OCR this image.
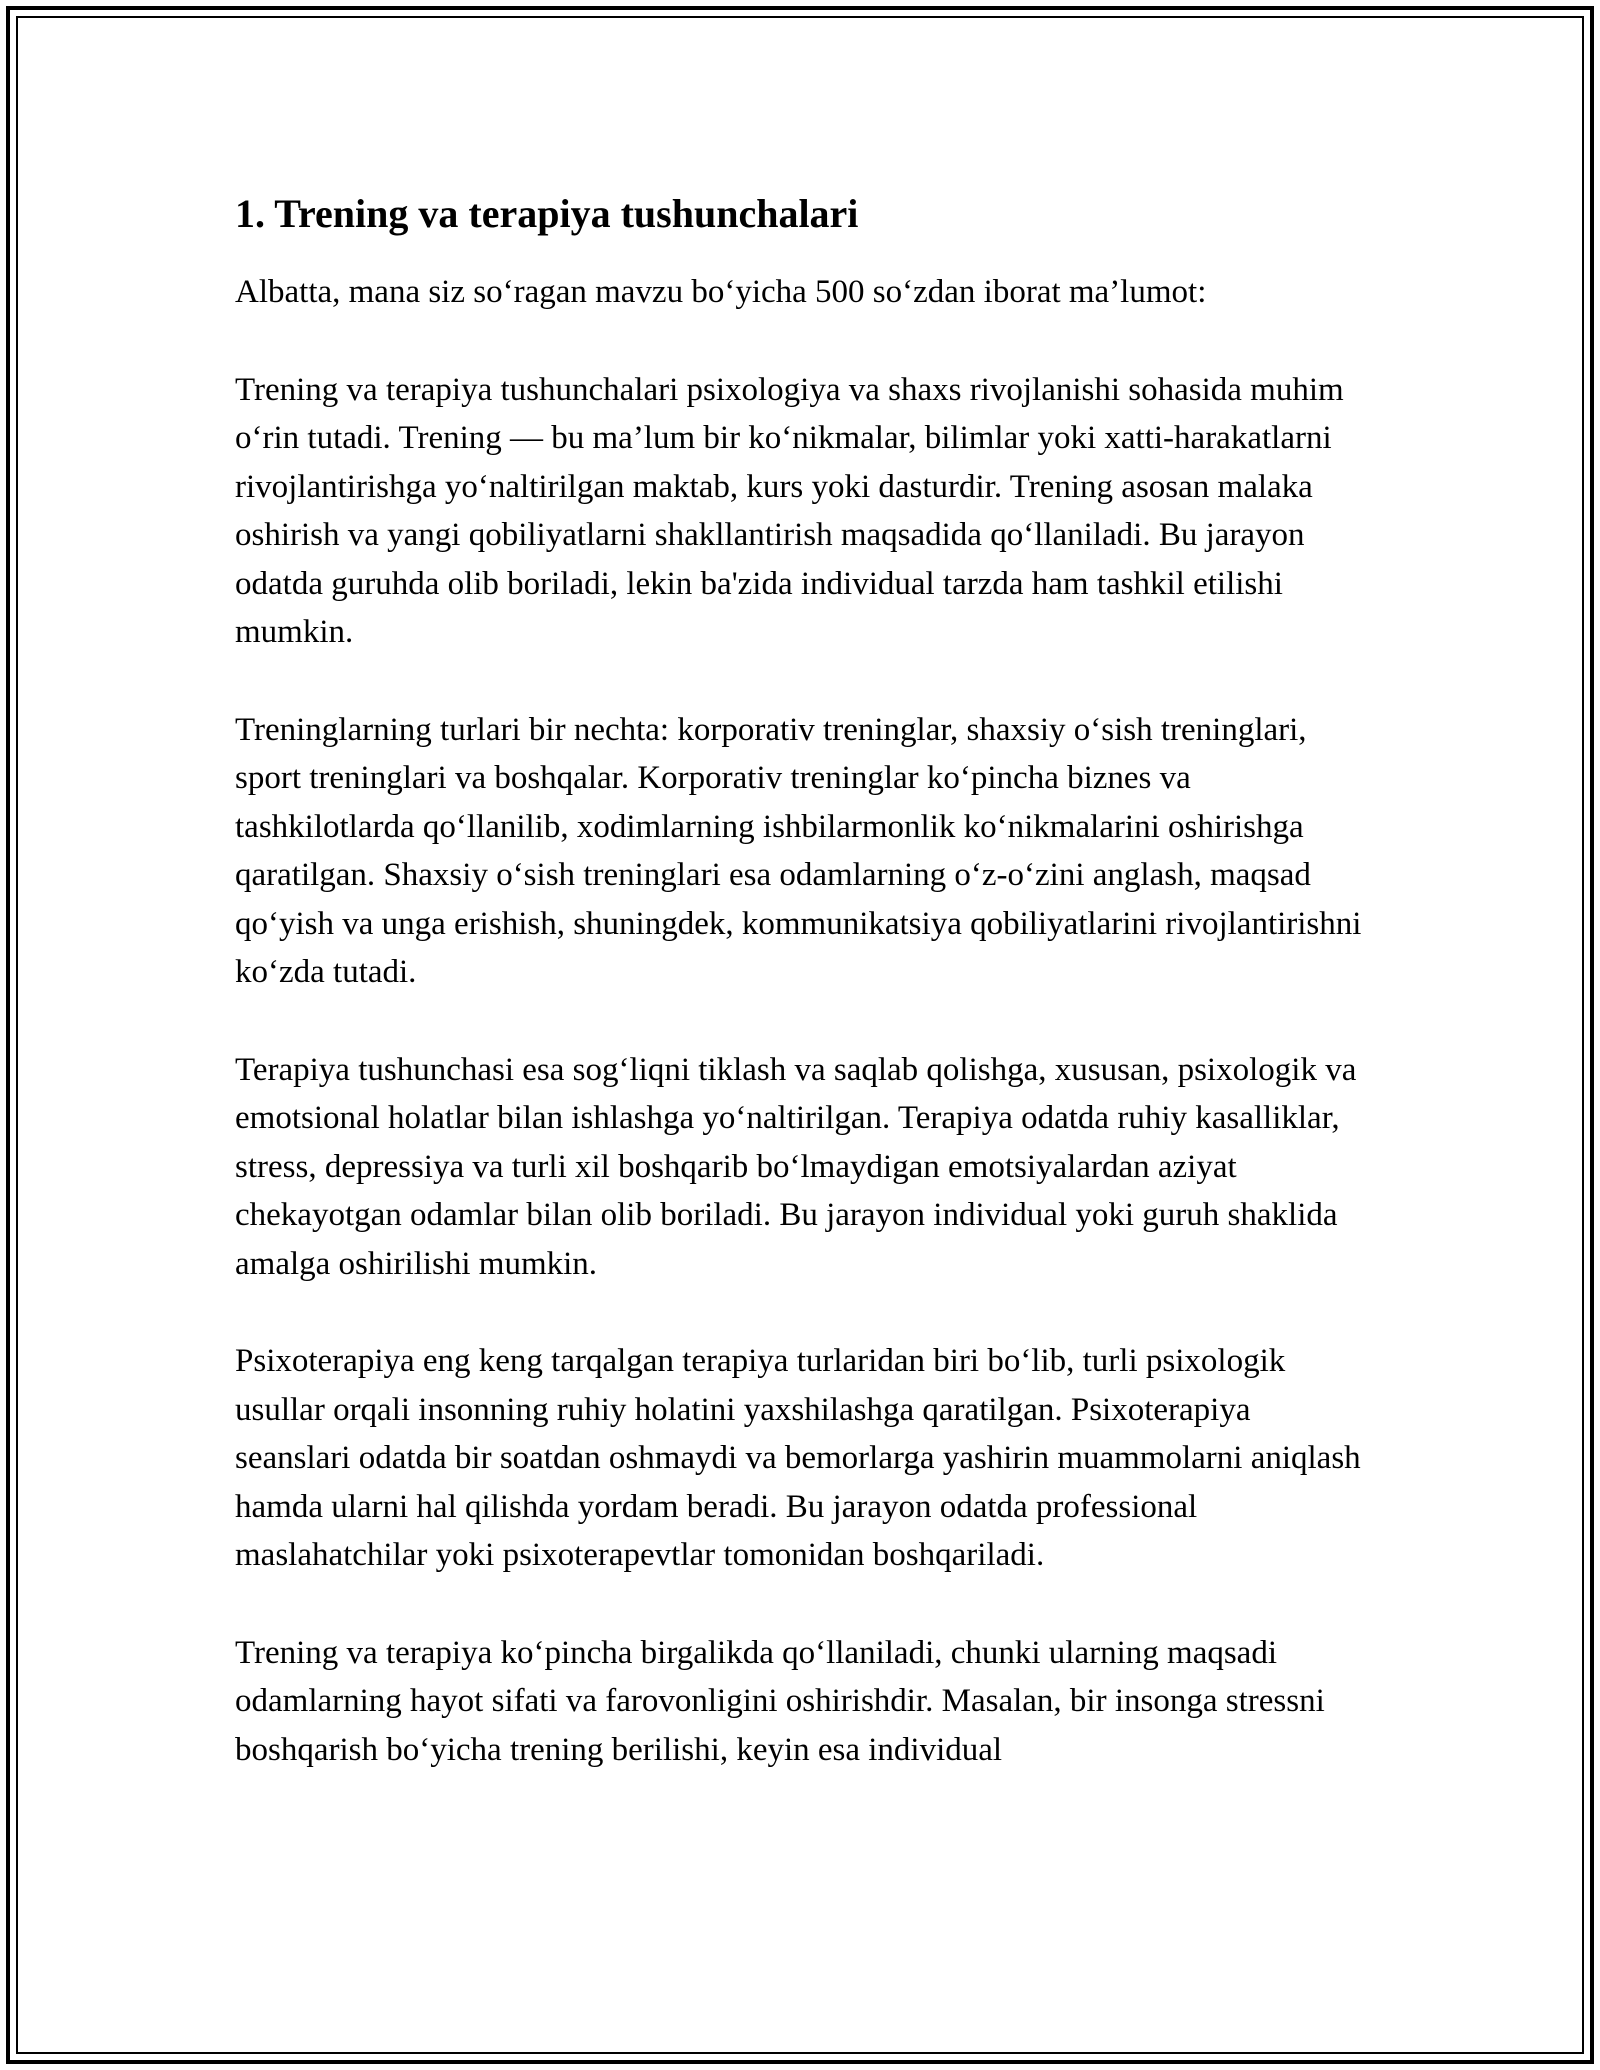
1. Trening va terapiya tushunchalari

Albatta, mana siz so‘ragan mavzu bo‘yicha 500 so‘zdan iborat ma’lumot:

Trening va terapiya tushunchalari psixologiya va shaxs rivojlanishi sohasida muhim o‘rin tutadi. Trening — bu ma’lum bir ko‘nikmalar, bilimlar yoki xatti-harakatlarni rivojlantirishga yo‘naltirilgan maktab, kurs yoki dasturdir. Trening asosan malaka oshirish va yangi qobiliyatlarni shakllantirish maqsadida qo‘llaniladi. Bu jarayon odatda guruhda olib boriladi, lekin ba'zida individual tarzda ham tashkil etilishi mumkin.

Treninglarning turlari bir nechta: korporativ treninglar, shaxsiy o‘sish treninglari, sport treninglari va boshqalar. Korporativ treninglar ko‘pincha biznes va tashkilotlarda qo‘llanilib, xodimlarning ishbilarmonlik ko‘nikmalarini oshirishga qaratilgan. Shaxsiy o‘sish treninglari esa odamlarning o‘z-o‘zini anglash, maqsad qo‘yish va unga erishish, shuningdek, kommunikatsiya qobiliyatlarini rivojlantirishni ko‘zda tutadi.

Terapiya tushunchasi esa sog‘liqni tiklash va saqlab qolishga, xususan, psixologik va emotsional holatlar bilan ishlashga yo‘naltirilgan. Terapiya odatda ruhiy kasalliklar, stress, depressiya va turli xil boshqarib bo‘lmaydigan emotsiyalardan aziyat chekayotgan odamlar bilan olib boriladi. Bu jarayon individual yoki guruh shaklida amalga oshirilishi mumkin.

Psixoterapiya eng keng tarqalgan terapiya turlaridan biri bo‘lib, turli psixologik usullar orqali insonning ruhiy holatini yaxshilashga qaratilgan. Psixoterapiya seanslari odatda bir soatdan oshmaydi va bemorlarga yashirin muammolarni aniqlash hamda ularni hal qilishda yordam beradi. Bu jarayon odatda professional maslahatchilar yoki psixoterapevtlar tomonidan boshqariladi.

Trening va terapiya ko‘pincha birgalikda qo‘llaniladi, chunki ularning maqsadi odamlarning hayot sifati va farovonligini oshirishdir. Masalan, bir insonga stressni boshqarish bo‘yicha trening berilishi, keyin esa individual
